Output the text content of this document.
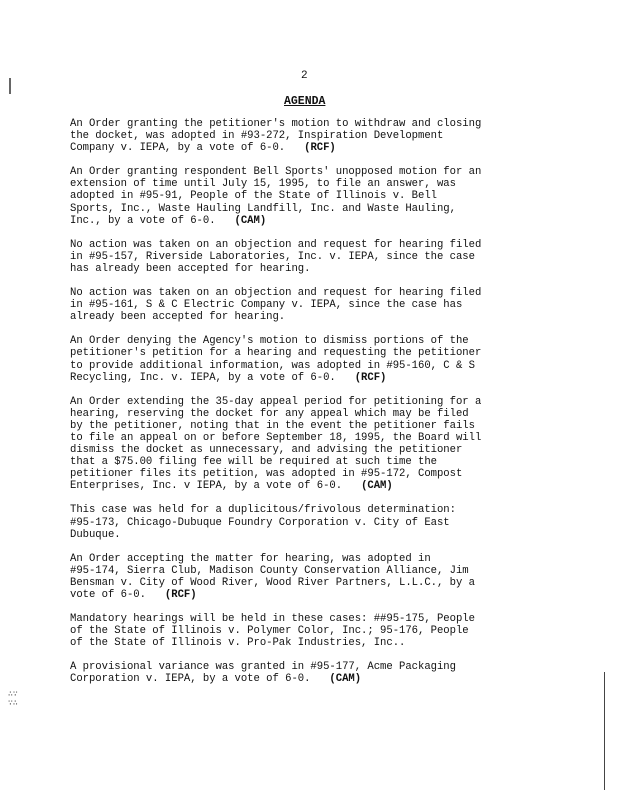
2
AGENDA
An Order granting the petitioner's motion to withdraw and closing
the docket, was adopted in #93-272, Inspiration Development
Company v. IEPA, by a vote of 6-0. (RCF)
An Order granting respondent Bell Sports' unopposed motion for an
extension of time until July 15, 1995, to file an answer, was
adopted in #95-91, People of the State of Illinois v. Bell
Sports, Inc., Waste Hauling Landfill, Inc. and Waste Hauling,
Inc., by a vote of 6-0. (CAM)
No action was taken on an objection and request for hearing filed
in #95-157, Riverside Laboratories, Inc. v. IEPA, since the case
has already been accepted for hearing.
No action was taken on an objection and request for hearing filed
in #95-161, S & C Electric Company v. IEPA, since the case has
already been accepted for hearing.
An Order denying the Agency's motion to dismiss portions of the
petitioner's petition for a hearing and requesting the petitioner
to provide additional information, was adopted in #95-160, C & S
Recycling, Inc. v. IEPA, by a vote of 6-0. (RCF)
An Order extending the 35-day appeal period for petitioning for a
hearing, reserving the docket for any appeal which may be filed
by the petitioner, noting that in the event the petitioner fails
to file an appeal on or before September 18, 1995, the Board will
dismiss the docket as unnecessary, and advising the petitioner
that a $75.00 filing fee will be required at such time the
petitioner files its petition, was adopted in #95-172, Compost
Enterprises, Inc. v IEPA, by a vote of 6-0. (CAM)
This case was held for a duplicitous/frivolous determination:
#95-173, Chicago-Dubuque Foundry Corporation v. City of East
Dubuque.
An Order accepting the matter for hearing, was adopted in
#95-174, Sierra Club, Madison County Conservation Alliance, Jim
Bensman v. City of Wood River, Wood River Partners, L.L.C., by a
vote of 6-0. (RCF)
Mandatory hearings will be held in these cases: ##95-175, People
of the State of Illinois v. Polymer Color, Inc.; 95-176, People
of the State of Illinois v. Pro-Pak Industries, Inc..
A provisional variance was granted in #95-177, Acme Packaging
Corporation v. IEPA, by a vote of 6-0. (CAM)
∴∵
∵∴
